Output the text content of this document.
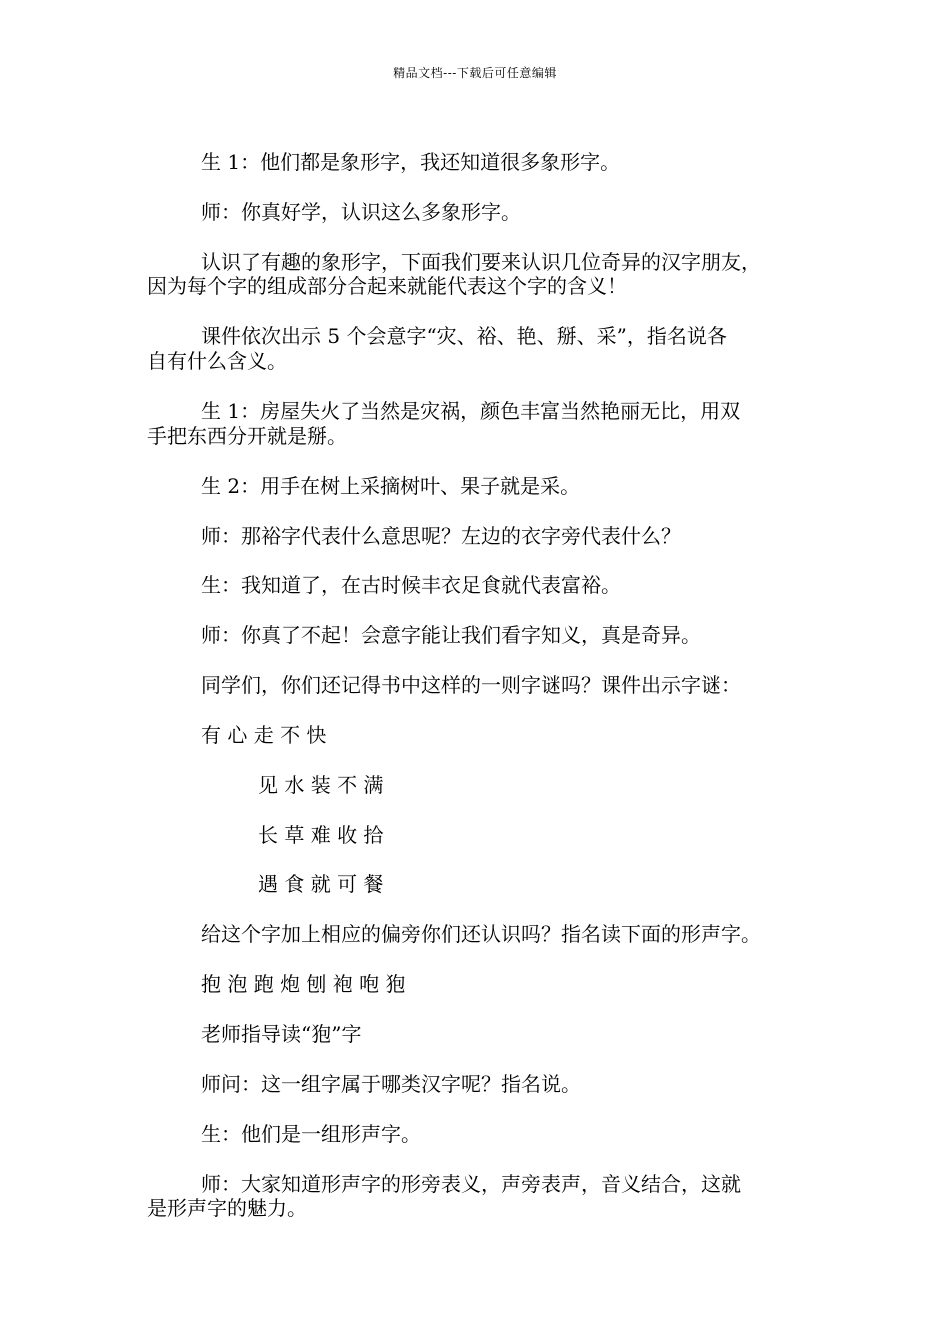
精品文档---下载后可任意编辑
生 1：他们都是象形字，我还知道很多象形字。
师：你真好学，认识这么多象形字。
认识了有趣的象形字，下面我们要来认识几位奇异的汉字朋友，
因为每个字的组成部分合起来就能代表这个字的含义！
课件依次出示 5 个会意字“灾、裕、艳、掰、采”，指名说各
自有什么含义。
生 1：房屋失火了当然是灾祸，颜色丰富当然艳丽无比，用双
手把东西分开就是掰。
生 2：用手在树上采摘树叶、果子就是采。
师：那裕字代表什么意思呢？左边的衣字旁代表什么？
生：我知道了，在古时候丰衣足食就代表富裕。
师：你真了不起！会意字能让我们看字知义，真是奇异。
同学们，你们还记得书中这样的一则字谜吗？课件出示字谜：
有 心 走 不 快
见 水 装 不 满
长 草 难 收 拾
遇 食 就 可 餐
给这个字加上相应的偏旁你们还认识吗？指名读下面的形声字。
抱 泡 跑 炮 刨 袍 咆 狍
老师指导读“狍”字
师问：这一组字属于哪类汉字呢？指名说。
生：他们是一组形声字。
师：大家知道形声字的形旁表义，声旁表声，音义结合，这就
是形声字的魅力。
